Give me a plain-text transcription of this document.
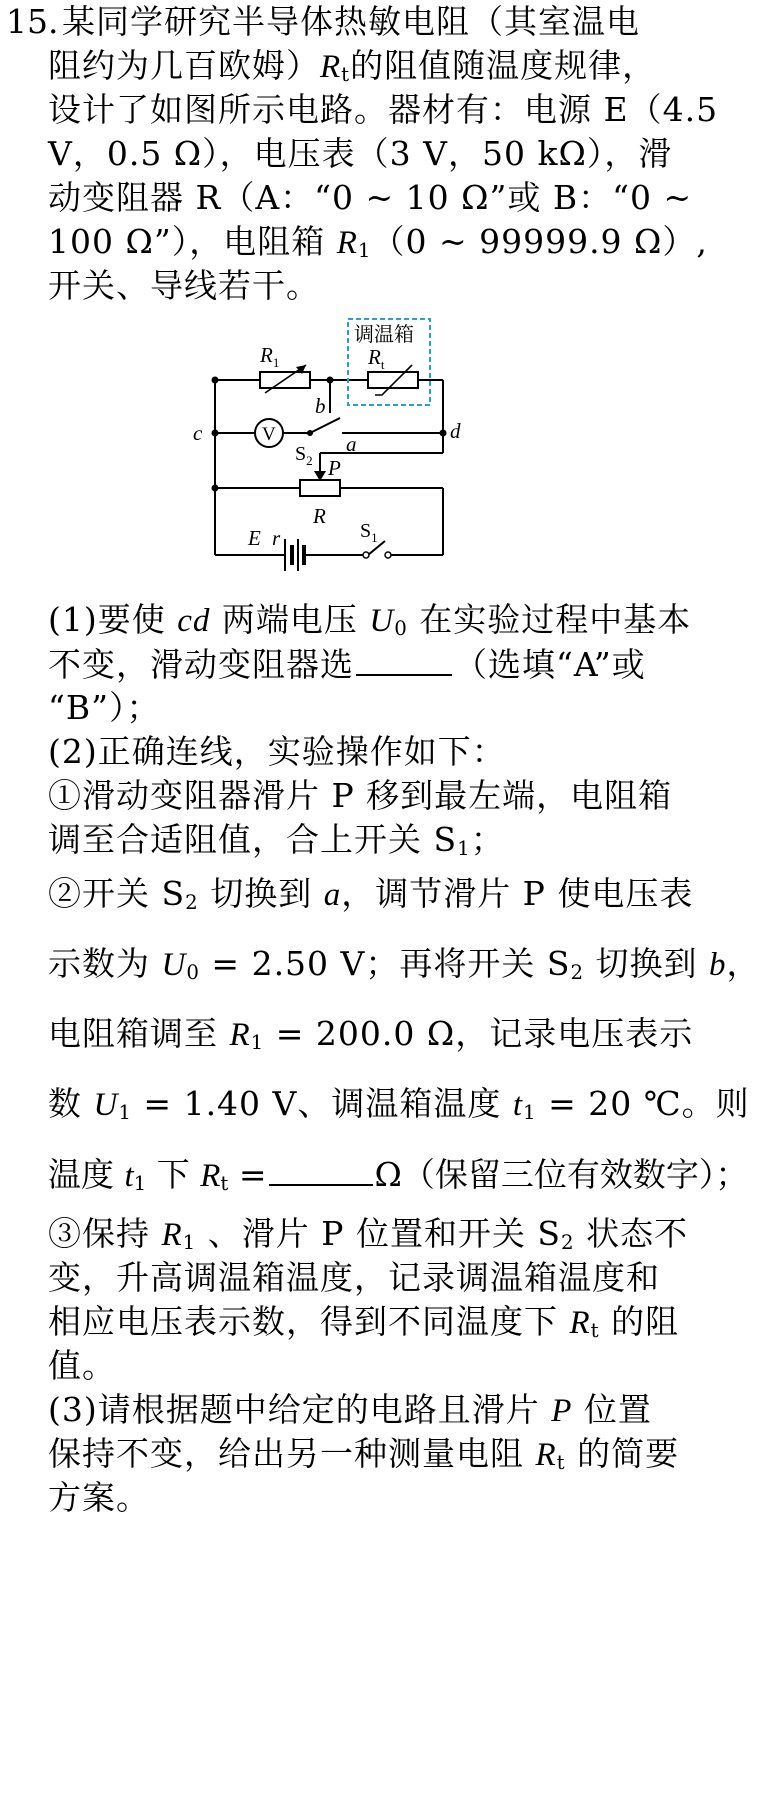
15. 某同学研究半导体热敏电阻（其室温电
阻约为几百欧姆）$R_t$的阻值随温度规律，
设计了如图所示电路。器材有：电源 E（4.5
V，0.5 Ω），电压表（3 V，50 kΩ），滑
动变阻器 R（A：“0 ~ 10 Ω”或 B：“0 ~
100 Ω”），电阻箱 $R_1(0$ ~ 99999.9 Ω）,
开关、导线若干。
调温箱
$R_1$	$R_t$
b
c	d
a
V
$S_2$ P
R
E r	$S_1$
(1)要使 cd 两端电压 $U_0$ 在实验过程中基本
不变，滑动变阻器选	（选填“A”或
“B”）；
(2)正确连线，实验操作如下：
①滑动变阻器滑片 P 移到最左端，电阻箱
调至合适阻值，合上开关 $S_1$；
②开关 $S_2$ 切换到 a，调节滑片 P 使电压表
示数为 $U_0 = 2.50$ V；再将开关 $S_2$ 切换到 b，
电阻箱调至 $R_1 = 200.0$ Ω，记录电压表示
数 $U_1 = 1.40$ V、调温箱温度 $t_1 = 20$ ℃。则
温度 $t_1$ 下 $R_t$ =	Ω（保留三位有效数字）；
③保持 $R_1$ 、滑片 P 位置和开关 $S_2$ 状态不
变，升高调温箱温度，记录调温箱温度和
相应电压表示数，得到不同温度下 $R_t$ 的阻
值。
(3)请根据题中给定的电路且滑片 P 位置
保持不变，给出另一种测量电阻 $R_t$ 的简要
方案。
